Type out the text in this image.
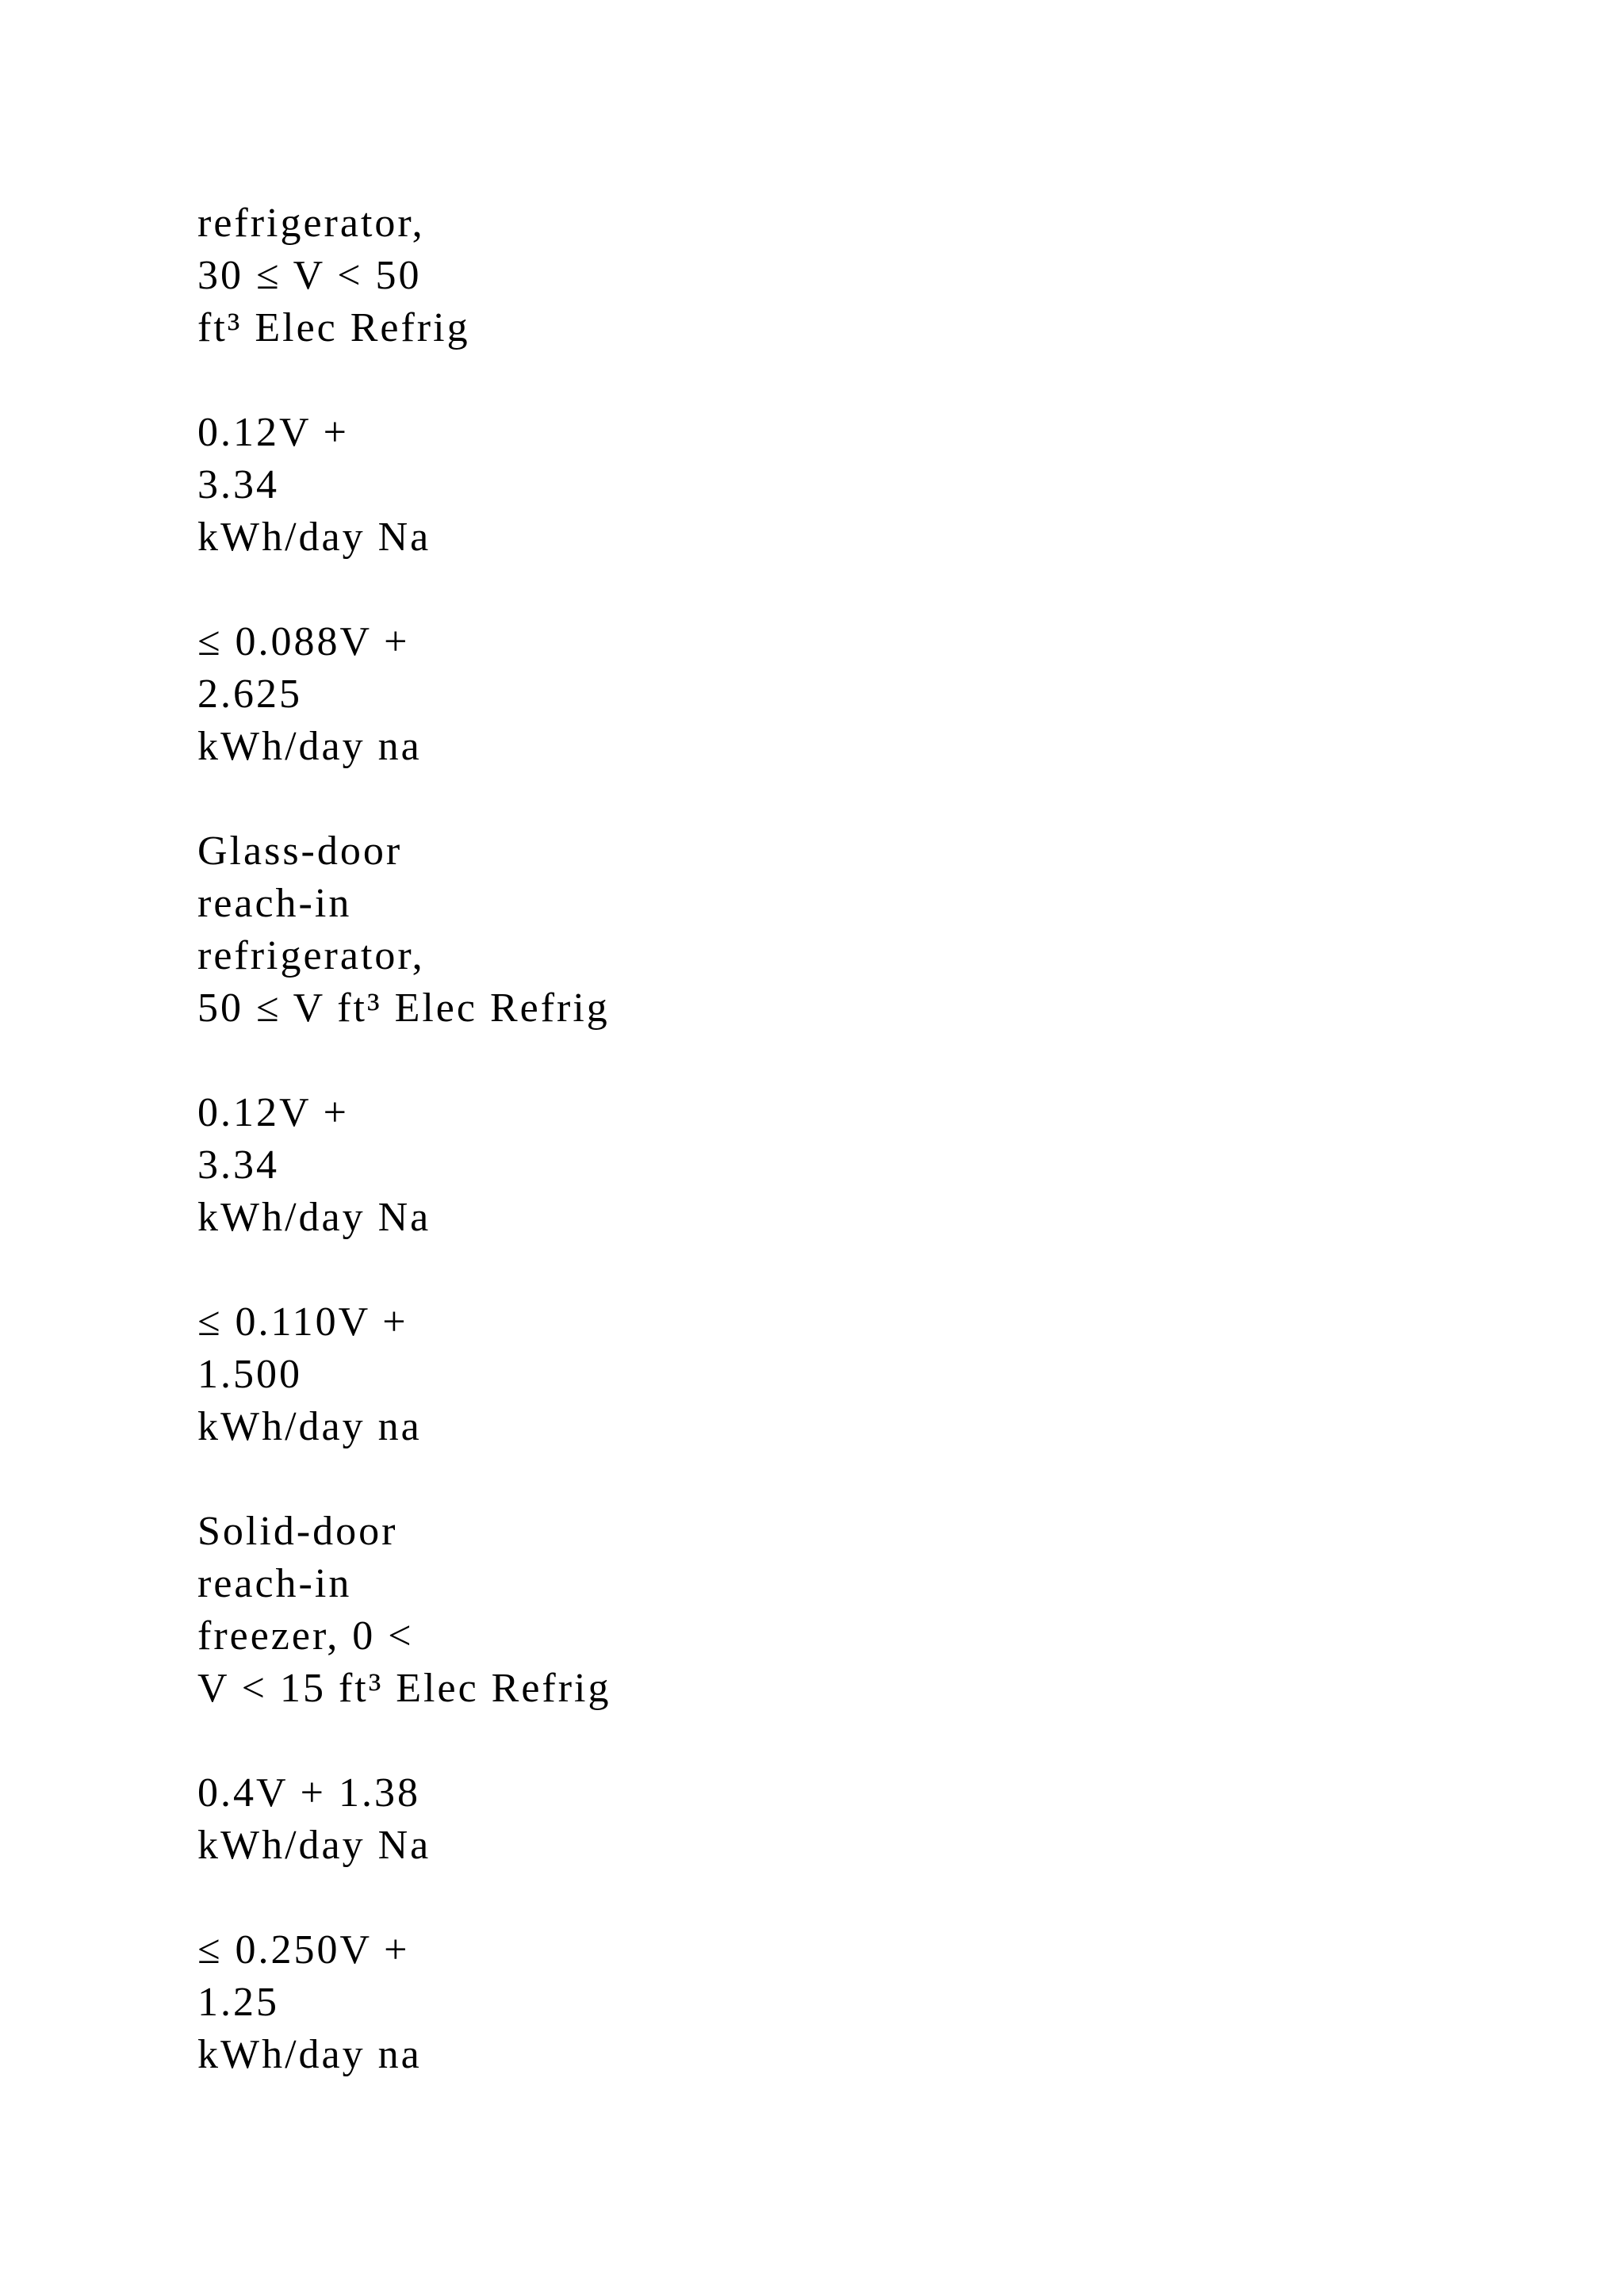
refrigerator,
30 ≤ V < 50
ft³ Elec Refrig
0.12V +
3.34
kWh/day Na
≤ 0.088V +
2.625
kWh/day na
Glass-door
reach-in
refrigerator,
50 ≤ V ft³ Elec Refrig
0.12V +
3.34
kWh/day Na
≤ 0.110V +
1.500
kWh/day na
Solid-door
reach-in
freezer, 0 <
V < 15 ft³ Elec Refrig
0.4V + 1.38
kWh/day Na
≤ 0.250V +
1.25
kWh/day na
